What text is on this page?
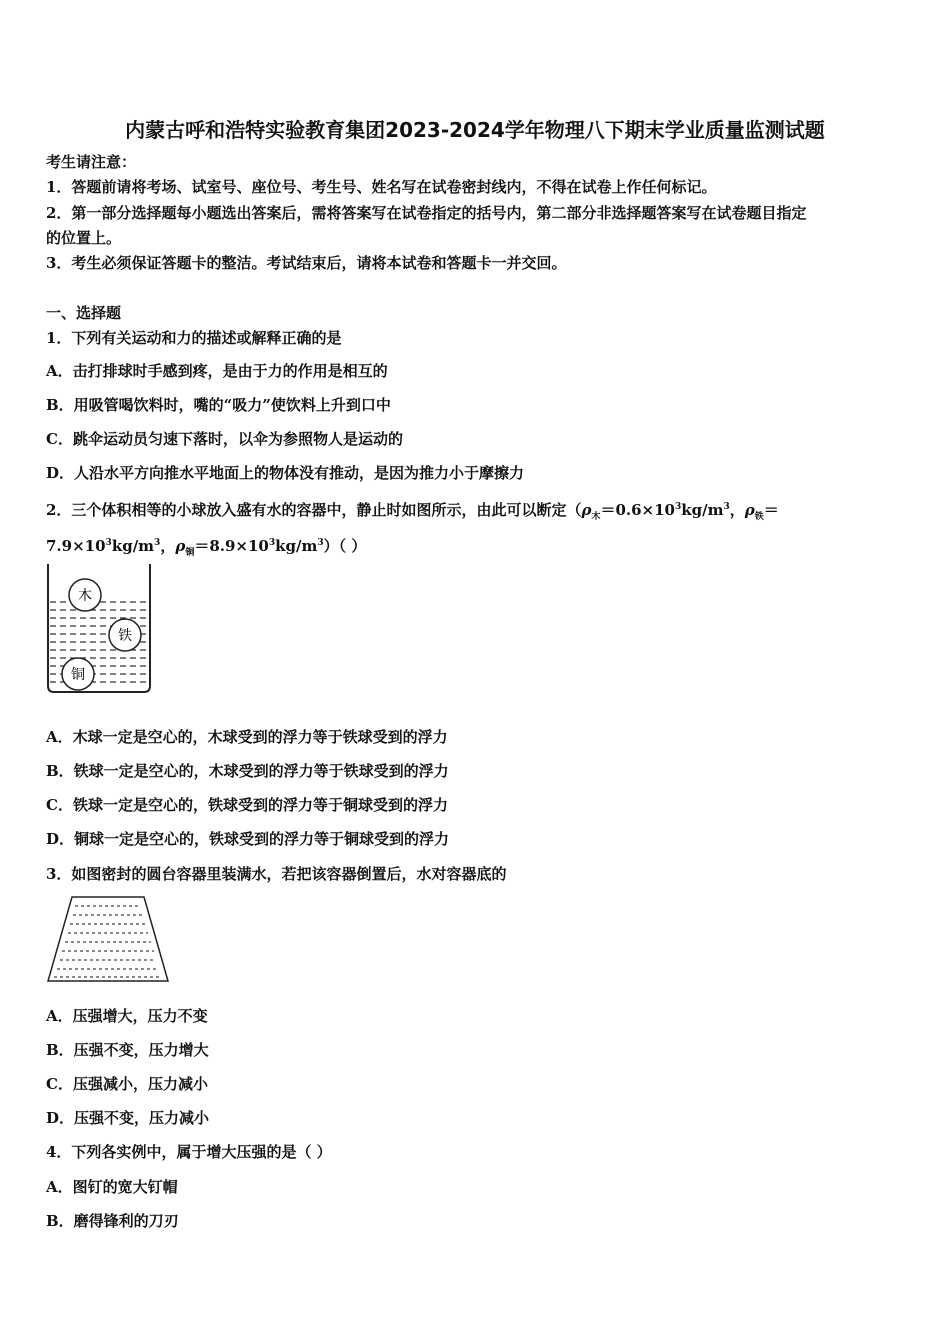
内蒙古呼和浩特实验教育集团2023-2024学年物理八下期末学业质量监测试题
考生请注意：
1．答题前请将考场、试室号、座位号、考生号、姓名写在试卷密封线内，不得在试卷上作任何标记。
2．第一部分选择题每小题选出答案后，需将答案写在试卷指定的括号内，第二部分非选择题答案写在试卷题目指定
的位置上。
3．考生必须保证答题卡的整洁。考试结束后，请将本试卷和答题卡一并交回。
一、选择题
1．下列有关运动和力的描述或解释正确的是
A．击打排球时手感到疼，是由于力的作用是相互的
B．用吸管喝饮料时，嘴的“吸力”使饮料上升到口中
C．跳伞运动员匀速下落时，以伞为参照物人是运动的
D．人沿水平方向推水平地面上的物体没有推动，是因为推力小于摩擦力
2．三个体积相等的小球放入盛有水的容器中，静止时如图所示，由此可以断定（$\rho_木=0.6\times 10^3kg/m^3$，$\rho_铁=$
$7.9\times 10^3kg/m^3$，$\rho_铜=8.9\times 10^3kg/m^3$）（ ）
木
铁
铜
A．木球一定是空心的，木球受到的浮力等于铁球受到的浮力
B．铁球一定是空心的，木球受到的浮力等于铁球受到的浮力
C．铁球一定是空心的，铁球受到的浮力等于铜球受到的浮力
D．铜球一定是空心的，铁球受到的浮力等于铜球受到的浮力
3．如图密封的圆台容器里装满水，若把该容器倒置后，水对容器底的
A．压强增大，压力不变
B．压强不变，压力增大
C．压强减小，压力减小
D．压强不变，压力减小
4．下列各实例中，属于增大压强的是（ ）
A．图钉的宽大钉帽
B．磨得锋利的刀刃
